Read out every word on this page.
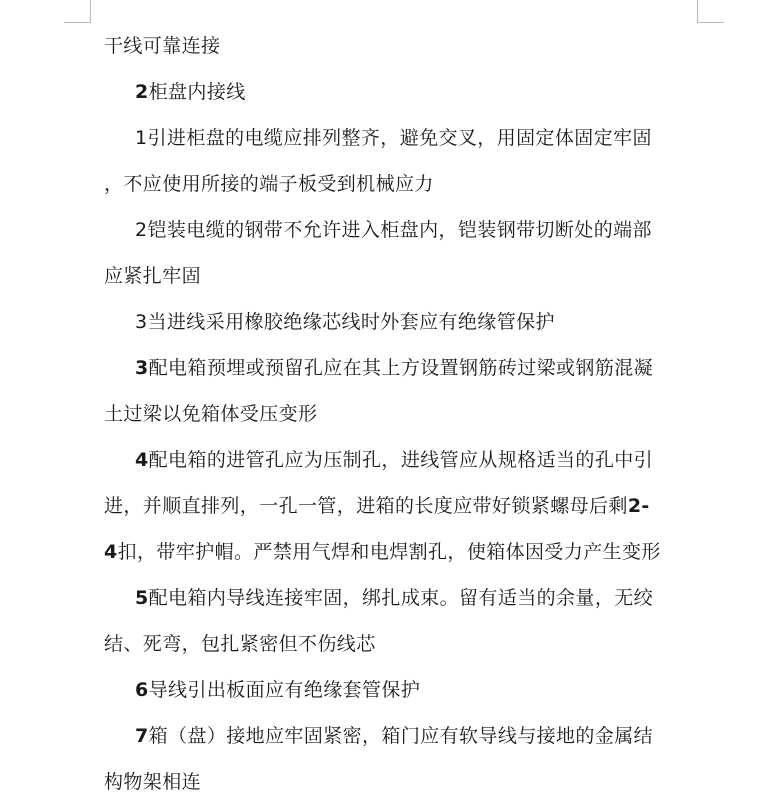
干线可靠连接
2柜盘内接线
1引进柜盘的电缆应排列整齐，避免交叉，用固定体固定牢固
，不应使用所接的端子板受到机械应力
2铠装电缆的钢带不允许进入柜盘内，铠装钢带切断处的端部
应紧扎牢固
3当进线采用橡胶绝缘芯线时外套应有绝缘管保护
3配电箱预埋或预留孔应在其上方设置钢筋砖过梁或钢筋混凝
土过梁以免箱体受压变形
4配电箱的进管孔应为压制孔，进线管应从规格适当的孔中引
进，并顺直排列，一孔一管，进箱的长度应带好锁紧螺母后剩2-
4扣，带牢护帽。严禁用气焊和电焊割孔，使箱体因受力产生变形
5配电箱内导线连接牢固，绑扎成束。留有适当的余量，无绞
结、死弯，包扎紧密但不伤线芯
6导线引出板面应有绝缘套管保护
7箱（盘）接地应牢固紧密，箱门应有软导线与接地的金属结
构物架相连
